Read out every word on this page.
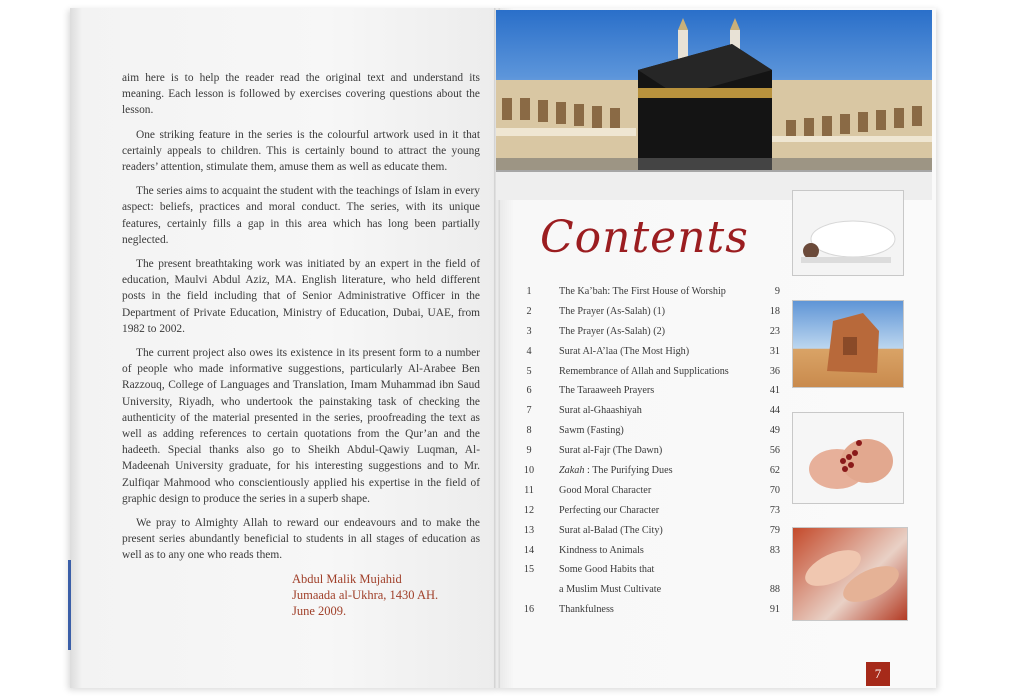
aim here is to help the reader read the original text and understand its meaning. Each lesson is followed by exercises covering questions about the lesson.

One striking feature in the series is the colourful artwork used in it that certainly appeals to children. This is certainly bound to attract the young readers’ attention, stimulate them, amuse them as well as educate them.

The series aims to acquaint the student with the teachings of Islam in every aspect: beliefs, practices and moral conduct. The series, with its unique features, certainly fills a gap in this area which has long been partially neglected.

The present breathtaking work was initiated by an expert in the field of education, Maulvi Abdul Aziz, MA. English literature, who held different posts in the field including that of Senior Administrative Officer in the Department of Private Education, Ministry of Education, Dubai, UAE, from 1982 to 2002.

The current project also owes its existence in its present form to a number of people who made informative suggestions, particularly Al-Arabee Ben Razzouq, College of Languages and Translation, Imam Muhammad ibn Saud University, Riyadh, who undertook the painstaking task of checking the authenticity of the material presented in the series, proofreading the text as well as adding references to certain quotations from the Qur’an and the hadeeth. Special thanks also go to Sheikh Abdul-Qawiy Luqman, Al-Madeenah University graduate, for his interesting suggestions and to Mr. Zulfiqar Mahmood who conscientiously applied his expertise in the field of graphic design to produce the series in a superb shape.

We pray to Almighty Allah to reward our endeavours and to make the present series abundantly beneficial to students in all stages of education as well as to any one who reads them.

Abdul Malik Mujahid
Jumaada al-Ukhra, 1430 AH.
June 2009.
Contents
1	The Ka’bah: The First House of Worship	9
2	The Prayer (As-Salah) (1)	18
3	The Prayer (As-Salah) (2)	23
4	Surat Al-A’laa (The Most High)	31
5	Remembrance of Allah and Supplications	36
6	The Taraaweeh Prayers	41
7	Surat al-Ghaashiyah	44
8	Sawm (Fasting)	49
9	Surat al-Fajr (The Dawn)	56
10	Zakah : The Purifying Dues	62
11	Good Moral Character	70
12	Perfecting our Character	73
13	Surat al-Balad (The City)	79
14	Kindness to Animals	83
15	Some Good Habits that
a Muslim Must Cultivate	88
16	Thankfulness	91
7
